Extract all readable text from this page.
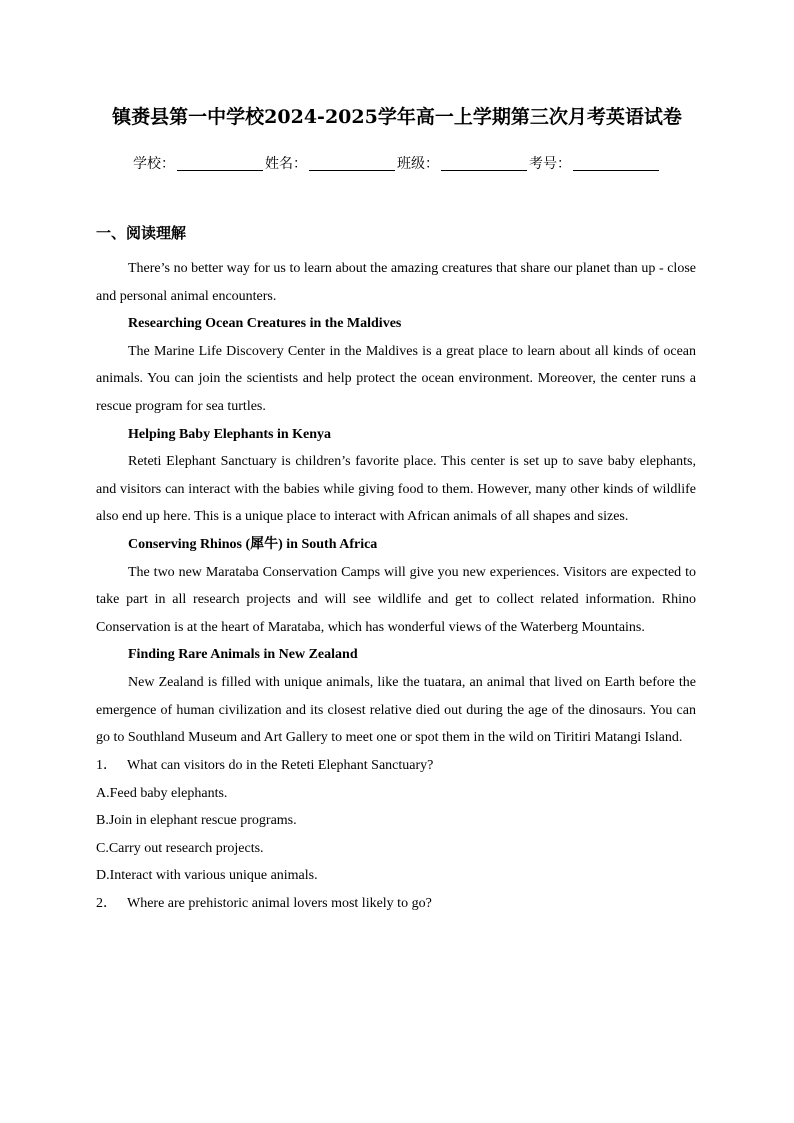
镇赉县第一中学校2024-2025学年高一上学期第三次月考英语试卷
学校：	姓名：	班级：	考号：
一、阅读理解

There’s no better way for us to learn about the amazing creatures that share our planet than up - close and personal animal encounters.

Researching Ocean Creatures in the Maldives

The Marine Life Discovery Center in the Maldives is a great place to learn about all kinds of ocean animals. You can join the scientists and help protect the ocean environment. Moreover, the center runs a rescue program for sea turtles.

Helping Baby Elephants in Kenya

Reteti Elephant Sanctuary is children’s favorite place. This center is set up to save baby elephants, and visitors can interact with the babies while giving food to them. However, many other kinds of wildlife also end up here. This is a unique place to interact with African animals of all shapes and sizes.

Conserving Rhinos (犀牛) in South Africa

The two new Marataba Conservation Camps will give you new experiences. Visitors are expected to take part in all research projects and will see wildlife and get to collect related information. Rhino Conservation is at the heart of Marataba, which has wonderful views of the Waterberg Mountains.

Finding Rare Animals in New Zealand

New Zealand is filled with unique animals, like the tuatara, an animal that lived on Earth before the emergence of human civilization and its closest relative died out during the age of the dinosaurs. You can go to Southland Museum and Art Gallery to meet one or spot them in the wild on Tiritiri Matangi Island.

1． What can visitors do in the Reteti Elephant Sanctuary?

A.Feed baby elephants.

B.Join in elephant rescue programs.

C.Carry out research projects.

D.Interact with various unique animals.

2． Where are prehistoric animal lovers most likely to go?
